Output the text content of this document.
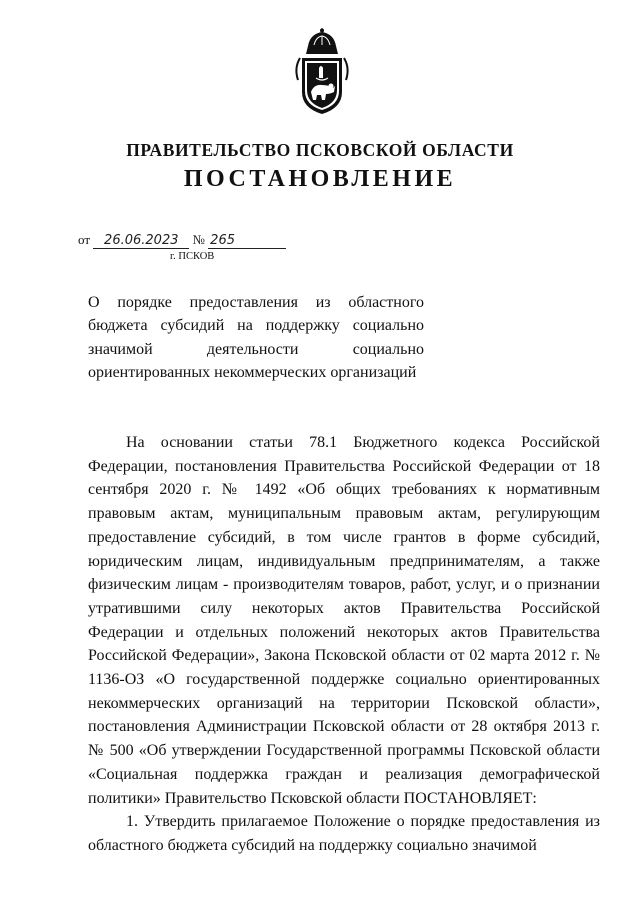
ПРАВИТЕЛЬСТВО ПСКОВСКОЙ ОБЛАСТИ
ПОСТАНОВЛЕНИЕ
от 26.06.2023 № 265
г. ПСКОВ
О порядке предоставления из областного
бюджета субсидий на поддержку социально
значимой деятельности социально
ориентированных некоммерческих организаций

На основании статьи 78.1 Бюджетного кодекса Российской Федерации, постановления Правительства Российской Федерации от 18 сентября 2020 г. № 1492 «Об общих требованиях к нормативным правовым актам, муниципальным правовым актам, регулирующим предоставление субсидий, в том числе грантов в форме субсидий, юридическим лицам, индивидуальным предпринимателям, а также физическим лицам - производителям товаров, работ, услуг, и о признании утратившими силу некоторых актов Правительства Российской Федерации и отдельных положений некоторых актов Правительства Российской Федерации», Закона Псковской области от 02 марта 2012 г. № 1136-ОЗ «О государственной поддержке социально ориентированных некоммерческих организаций на территории Псковской области», постановления Администрации Псковской области от 28 октября 2013 г. № 500 «Об утверждении Государственной программы Псковской области «Социальная поддержка граждан и реализация демографической политики» Правительство Псковской области ПОСТАНОВЛЯЕТ:

1. Утвердить прилагаемое Положение о порядке предоставления из областного бюджета субсидий на поддержку социально значимой
